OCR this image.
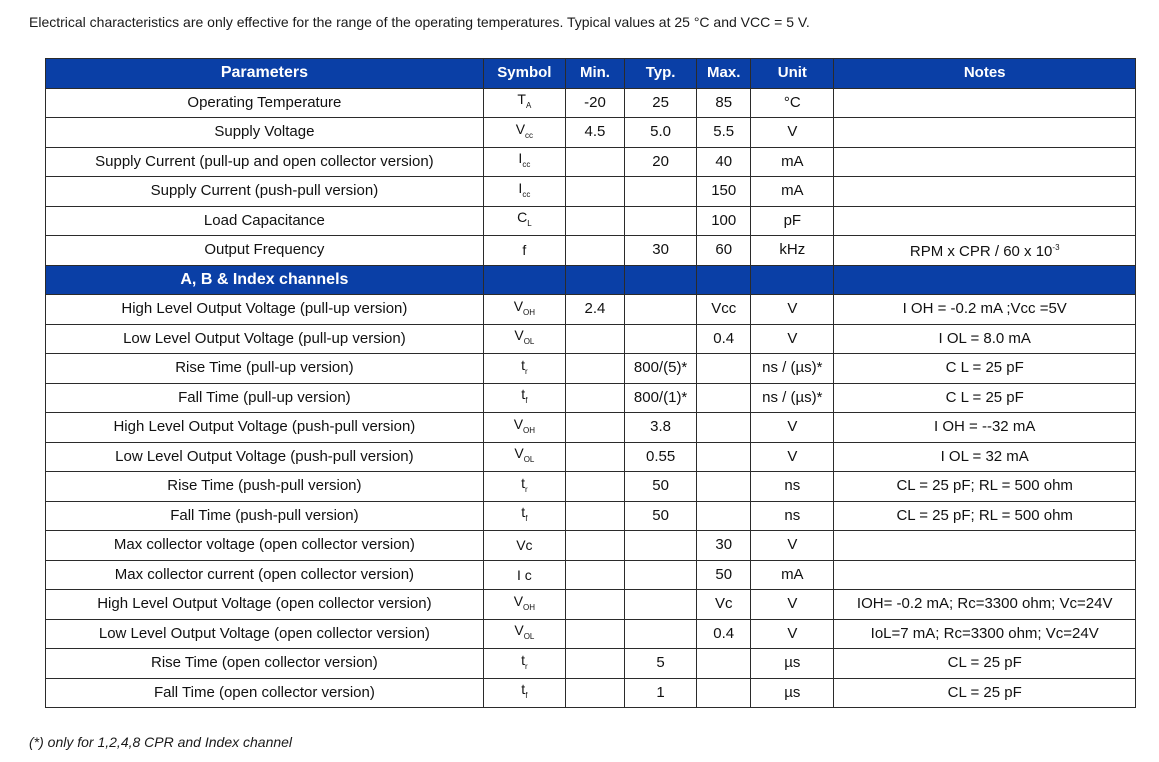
Electrical characteristics are only effective for the range of the operating temperatures. Typical values at 25 °C and VCC = 5 V.
Parameters	Symbol	Min.	Typ.	Max.	Unit	Notes
Operating Temperature	$T_A$	-20	25	85	°C	
Supply Voltage	$V_{cc}$	4.5	5.0	5.5	V	
Supply Current (pull-up and open collector version)	$I_{cc}$		20	40	mA	
Supply Current (push-pull version)	$I_{cc}$			150	mA	
Load Capacitance	$C_L$			100	pF	
Output Frequency	f		30	60	kHz	RPM x CPR / 60 x $10^{-3}$
A, B & Index channels						
High Level Output Voltage (pull-up version)	$V_{OH}$	2.4		Vcc	V	I OH = -0.2 mA ;Vcc =5V
Low Level Output Voltage (pull-up version)	$V_{OL}$			0.4	V	I OL = 8.0 mA
Rise Time (pull-up version)	$t_r$		800/(5)*		ns / (µs)*	C L = 25 pF
Fall Time (pull-up version)	$t_f$		800/(1)*		ns / (µs)*	C L = 25 pF
High Level Output Voltage (push-pull version)	$V_{OH}$		3.8		V	I OH = --32 mA
Low Level Output Voltage (push-pull version)	$V_{OL}$		0.55		V	I OL = 32 mA
Rise Time (push-pull version)	$t_r$		50		ns	CL = 25 pF; RL = 500 ohm
Fall Time (push-pull version)	$t_f$		50		ns	CL = 25 pF; RL = 500 ohm
Max collector voltage (open collector version)	Vc			30	V	
Max collector current (open collector version)	I c			50	mA	
High Level Output Voltage (open collector version)	$V_{OH}$			Vc	V	IOH= -0.2 mA; Rc=3300 ohm; Vc=24V
Low Level Output Voltage (open collector version)	$V_{OL}$			0.4	V	IoL=7 mA; Rc=3300 ohm; Vc=24V
Rise Time (open collector version)	$t_r$		5		µs	CL = 25 pF
Fall Time (open collector version)	$t_f$		1		µs	CL = 25 pF
(*) only for 1,2,4,8 CPR and Index channel
